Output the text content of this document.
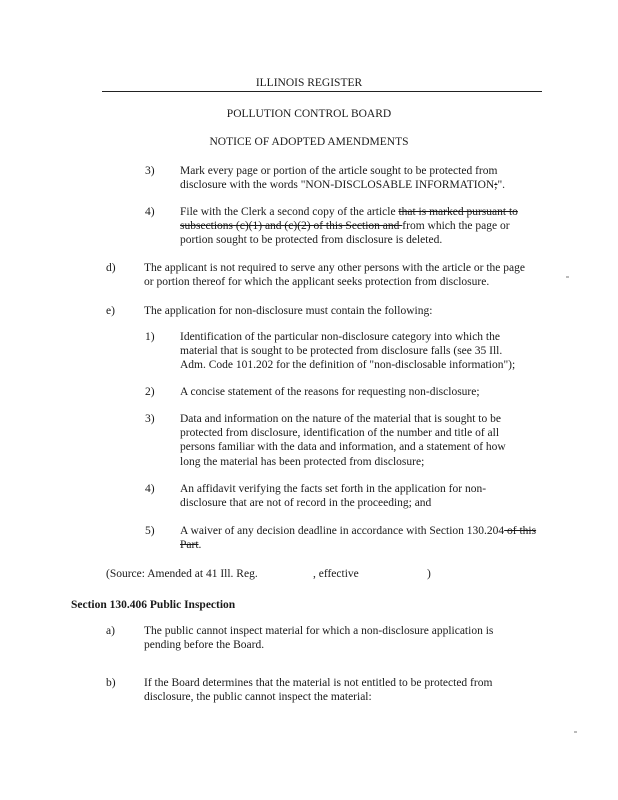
ILLINOIS REGISTER
POLLUTION CONTROL BOARD
NOTICE OF ADOPTED AMENDMENTS
3) Mark every page or portion of the article sought to be protected from disclosure with the words "NON-DISCLOSABLE INFORMATION;".
4) File with the Clerk a second copy of the article that is marked pursuant to subsections (c)(1) and (c)(2) of this Section and from which the page or portion sought to be protected from disclosure is deleted.
d) The applicant is not required to serve any other persons with the article or the page or portion thereof for which the applicant seeks protection from disclosure.
e)	The application for non-disclosure must contain the following:
1) Identification of the particular non-disclosure category into which the material that is sought to be protected from disclosure falls (see 35 Ill. Adm. Code 101.202 for the definition of "non-disclosable information");
2) A concise statement of the reasons for requesting non-disclosure;
3) Data and information on the nature of the material that is sought to be protected from disclosure, identification of the number and title of all persons familiar with the data and information, and a statement of how long the material has been protected from disclosure;
4) An affidavit verifying the facts set forth in the application for non-disclosure that are not of record in the proceeding; and
5) A waiver of any decision deadline in accordance with Section 130.204 of this Part.
(Source: Amended at 41 Ill. Reg.	, effective	)
Section 130.406 Public Inspection
a)	The public cannot inspect material for which a non-disclosure application is pending before the Board.
b) If the Board determines that the material is not entitled to be protected from disclosure, the public cannot inspect the material:
